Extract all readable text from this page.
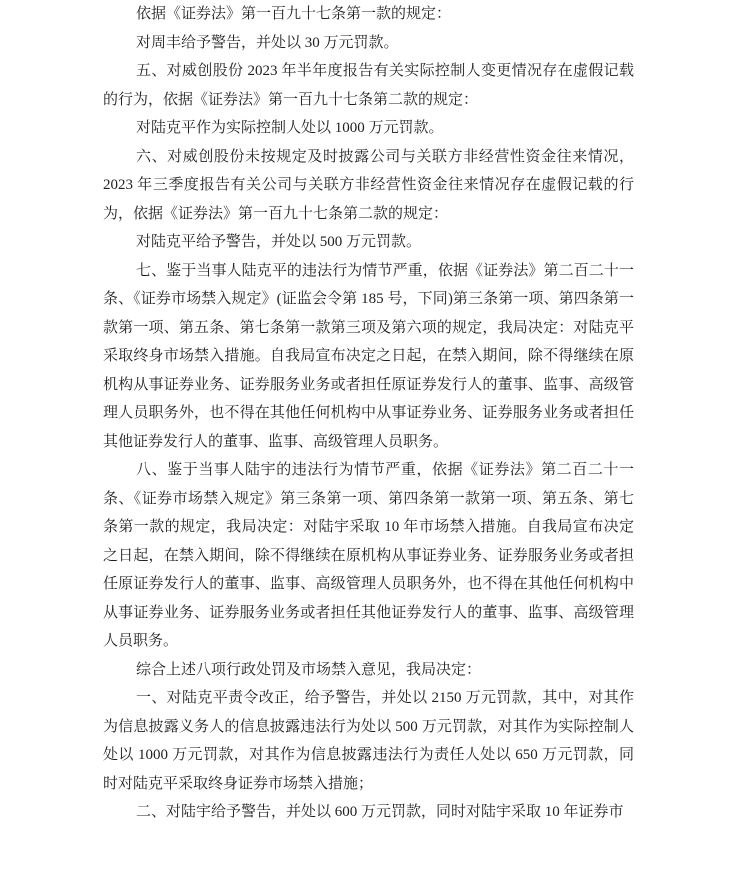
依据《证券法》第一百九十七条第一款的规定：

对周丰给予警告，并处以 30 万元罚款。

五、对威创股份 2023 年半年度报告有关实际控制人变更情况存在虚假记载的行为，依据《证券法》第一百九十七条第二款的规定：

对陆克平作为实际控制人处以 1000 万元罚款。

六、对威创股份未按规定及时披露公司与关联方非经营性资金往来情况，2023 年三季度报告有关公司与关联方非经营性资金往来情况存在虚假记载的行为，依据《证券法》第一百九十七条第二款的规定：

对陆克平给予警告，并处以 500 万元罚款。

七、鉴于当事人陆克平的违法行为情节严重，依据《证券法》第二百二十一条、《证券市场禁入规定》(证监会令第 185 号，下同)第三条第一项、第四条第一款第一项、第五条、第七条第一款第三项及第六项的规定，我局决定：对陆克平采取终身市场禁入措施。自我局宣布决定之日起，在禁入期间，除不得继续在原机构从事证券业务、证券服务业务或者担任原证券发行人的董事、监事、高级管理人员职务外，也不得在其他任何机构中从事证券业务、证券服务业务或者担任其他证券发行人的董事、监事、高级管理人员职务。

八、鉴于当事人陆宇的违法行为情节严重，依据《证券法》第二百二十一条、《证券市场禁入规定》第三条第一项、第四条第一款第一项、第五条、第七条第一款的规定，我局决定：对陆宇采取 10 年市场禁入措施。自我局宣布决定之日起，在禁入期间，除不得继续在原机构从事证券业务、证券服务业务或者担任原证券发行人的董事、监事、高级管理人员职务外，也不得在其他任何机构中从事证券业务、证券服务业务或者担任其他证券发行人的董事、监事、高级管理人员职务。

综合上述八项行政处罚及市场禁入意见，我局决定：

一、对陆克平责令改正，给予警告，并处以 2150 万元罚款，其中，对其作为信息披露义务人的信息披露违法行为处以 500 万元罚款，对其作为实际控制人处以 1000 万元罚款，对其作为信息披露违法行为责任人处以 650 万元罚款，同时对陆克平采取终身证券市场禁入措施；

二、对陆宇给予警告，并处以 600 万元罚款，同时对陆宇采取 10 年证券市
